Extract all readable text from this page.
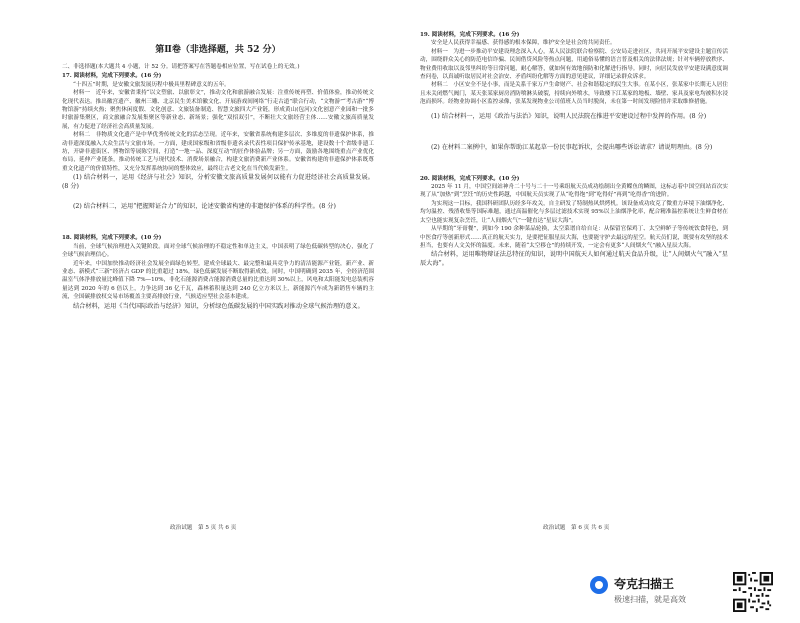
第Ⅱ卷（非选择题，共 52 分）

二、非选择题(本大题共 4 小题，计 52 分。请把答案写在答题卷相应位置，写在试卷上的无效。)

17. 阅读材料，完成下列要求。(16 分)

“十四五”时期，是安徽文旅发展历程中极具里程碑意义的五年。

材料一　近年来，安徽省秉持“以文塑旅、以旅彰文”，推动文化和旅游融合发展：注重传统再塑、价值体验，推动传统文化现代表达。推出徽宫遗产、徽州三雕、北京民生美术馆徽文化、开展游戏间网络“行走古道”联合行动，“文物游”“考古游”“博物馆游”持续火热；聚焦休闲度假、文化创意、文旅装备制造、智慧文旅四大产业链，形成黄山(包河)文化创意产业园和一批多时旅游集聚区，商文旅融合发展集聚区等新业态、新场景；强化“双招双引”，不断壮大文旅经营主体……安徽文旅高质量发展，有力促进了经济社会高质量发展。

材料二　非物质文化遗产是中华优秀传统文化的活态呈现。近年来，安徽省系统构建多层次、多维度的非遗保护体系，推动非遗深度融入大众生活与文旅市场。一方面，建成国家级和省级非遗名录代表性项目保护传承基地，建设数十个省级非遗工坊，开辟非遗街区、博物馆等展陈空间，打造“一地一品、深度互动”的匠作体验品牌；另一方面，鼓励各地围绕重点产业优化布局，延伸产业链条，推动传统工艺与现代技术、消费场景融合，构建文旅消费新产业体系。安徽省构建的非遗保护体系既尊重文化遗产的价值特性，又充分发挥系统协同的整体效应，最终让古老文化在当代焕发新生。

(1) 结合材料一，运用《经济与社会》知识，分析安徽文旅高质量发展何以能有力促进经济社会高质量发展。(8 分)

(2) 结合材料二，运用“把握辩证合力”的知识，论述安徽省构建的非遗保护体系的科学性。(8 分)

18. 阅读材料，完成下列要求。(10 分)

当前，全球气候治理进入关键阶段。面对全球气候治理的不稳定性和单边主义，中国表明了绿色低碳转型的决心，强化了全球气候治理信心。

近年来，中国加快推动经济社会发展全面绿色转型，建成全球最大、最完整和最具竞争力的清洁能源产业链，新产业、新业态、新模式“三新”经济占 GDP 的比重超过 18%，绿色低碳发展不断取得新成效。同时，中国明确到 2035 年，全经济范围温室气体净排放量比峰值下降 7%—10%，非化石能源消费占能源消费总量的比重达到 30%以上，风电和太阳能发电总装机容量达到 2020 年的 6 倍以上，力争达到 36 亿千瓦，森林蓄积量达到 240 亿立方米以上，新能源汽车成为新销售车辆的主流，全国碳排放权交易市场覆盖主要高排放行业，气候适应型社会基本建成。

结合材料，运用《当代国际政治与经济》知识，分析绿色低碳发展的中国实践对推动全球气候治理的意义。

政治试题　第 5 页 共 6 页

19. 阅读材料，完成下列要求。(16 分)

安全是人民获得幸福感、获得感的根本保障，维护安全是社会的共同责任。

材料一　为进一步推动平安建设理念深入人心，某人民法院联合检察院、公安局走进社区，共同开展平安建设主题宣传活动，围绕群众关心的防范电信诈骗、民间借贷风险等热点问题，用通俗易懂的语言普及相关的法律法规；针对车辆停放秩序、物业费用收取以及邻里纠纷等日常问题，耐心解答，就如何有效地预防和化解进行指导。同时，向居民发放平安建设满意度调查问卷，以真诚听取居民对社会治安、矛盾纠纷化解等方面的意见建议，详细记录群众诉求。

材料二　小区安全不是小事，而是关系千家万户生命财产、社会和谐稳定的民生大事。在某小区，张某家中长期无人居住且未关闭燃气阀门，某天张某家厨房消防喷淋头破裂，持续向外喷水，导致楼下江某家的地板、墙壁、家具及家电均被积水浸泡而损坏。经物业协调小区监控录像，张某发现物业公司值班人员当时脱岗，未在第一时间发现险情并采取维修措施。

(1) 结合材料一，运用《政治与法治》知识，说明人民法院在推进平安建设过程中发挥的作用。(8 分)

(2) 在材料二案例中，如果你帮助江某起草一份民事起诉状，会提出哪些诉讼请求？请说明理由。(8 分)

20. 阅读材料，完成下列要求。(10 分)

2025 年 11 月，中国空间站神舟二十号与二十一号乘组航天员成功绘制出全黄鲽鱼的鳞图，这标志着中国空间站首次实现了从“加热”到“烹饪”的历史性跨越，中国航天员实现了从“吃得饱”到“吃得好”再到“吃得香”的进阶。

为实现这一目标，我国科研团队历经多年攻关，自主研发了特制热风烘烤机。该设备成功攻克了微重力环境下油烟净化、均匀温控、残渣收集等国际难题，通过高温催化与多层过滤技术实现 95%以上油烟净化率，配合精准温控系统让生鲜食材在太空也能实现复杂烹饪，让“人间烟火气”一键直达“星辰大海”。

从早期的“牙膏餐”，到如今 190 余种菜品轮换，太空菜谱自给自足：从保留官保鸡丁、太空鲜鲈子等传统饮食特色，到中医食疗等创新形式……真正的航天实力，是要把征服星辰大海，也要能守护去最远的星空。航天员们说，既要有攻坚的技术担当，也要有人文关怀的温度。未来，随着“太空移仓”的持续开发，一定会有更多“人间烟火气”融入星辰大海。

结合材料，运用唯物辩证法总特征的知识，说明中国航天人如何通过航天食品升级，让“人间烟火气”融入“星辰大海”。

政治试题　第 6 页 共 6 页
夸克扫描王
极速扫描，就是高效
